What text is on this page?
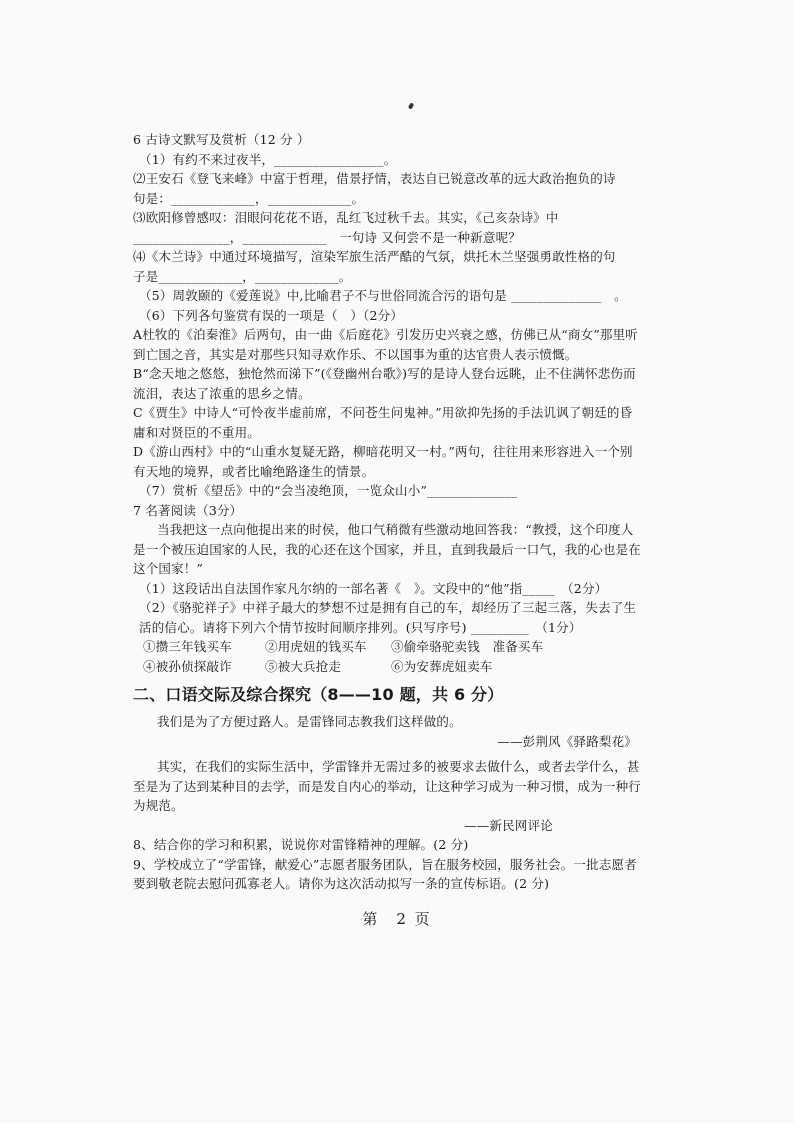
6 古诗文默写及赏析（12 分 ）
（1）有约不来过夜半，_________________。
⑵王安石《登飞来峰》中富于哲理，借景抒情，表达自已锐意改革的远大政治抱负的诗
句是：_____________，_____________。
⑶欧阳修曾感叹：泪眼问花花不语，乱红飞过秋千去。其实，《己亥杂诗》中
_______________，_____________　一句诗 又何尝不是一种新意呢？
⑷《木兰诗》中通过环境描写，渲染军旅生活严酷的气氛，烘托木兰坚强勇敢性格的句
子是_____________，_____________。
（5）周敦颐的《爱莲说》中,比喻君子不与世俗同流合污的语句是 ______________　。
（6）下列各句鉴赏有误的一项是（　）（2分）
A杜牧的《泊秦淮》后两句，由一曲《后庭花》引发历史兴衰之感，仿佛已从“商女”那里听到亡国之音，其实是对那些只知寻欢作乐、不以国事为重的达官贵人表示愤慨。
B“念天地之悠悠，独怆然而涕下”(《登幽州台歌》)写的是诗人登台远眺，止不住满怀悲伤而流泪，表达了浓重的思乡之情。
C《贾生》中诗人“可怜夜半虚前席，不问苍生问鬼神。”用欲抑先扬的手法讥讽了朝廷的昏庸和对贤臣的不重用。
D《游山西村》中的“山重水复疑无路，柳暗花明又一村。”两句，往往用来形容进入一个别有天地的境界，或者比喻绝路逢生的情景。
（7）赏析《望岳》中的“会当凌绝顶，一览众山小”______________
7 名著阅读（3分）
当我把这一点向他提出来的时侯，他口气稍微有些激动地回答我：“教授，这个印度人是一个被压迫国家的人民，我的心还在这个国家，并且，直到我最后一口气，我的心也是在这个国家！”
（1）这段话出自法国作家凡尔纳的一部名著《　》。文段中的“他”指_____　（2分）
（2）《骆驼祥子》中祥子最大的梦想不过是拥有自己的车，却经历了三起三落，失去了生活的信心。请将下列六个情节按时间顺序排列。(只写序号) _________　（1分）
①攒三年钱买车	②用虎妞的钱买车	③偷牵骆驼卖钱　准备买车
④被孙侦探敲诈	⑤被大兵抢走	⑥为安葬虎妞卖车
二、口语交际及综合探究（8——10 题，共 6 分）
我们是为了方便过路人。是雷锋同志教我们这样做的。
——彭荆风《驿路梨花》
其实，在我们的实际生活中，学雷锋并无需过多的被要求去做什么，或者去学什么，甚至是为了达到某种目的去学，而是发自内心的举动，让这种学习成为一种习惯，成为一种行为规范。
——新民网评论
8、结合你的学习和积累，说说你对雷锋精神的理解。(2 分)
9、学校成立了“学雷锋，献爱心”志愿者服务团队，旨在服务校园，服务社会。一批志愿者要到敬老院去慰问孤寡老人。请你为这次活动拟写一条的宣传标语。(2 分)
第　2 页
